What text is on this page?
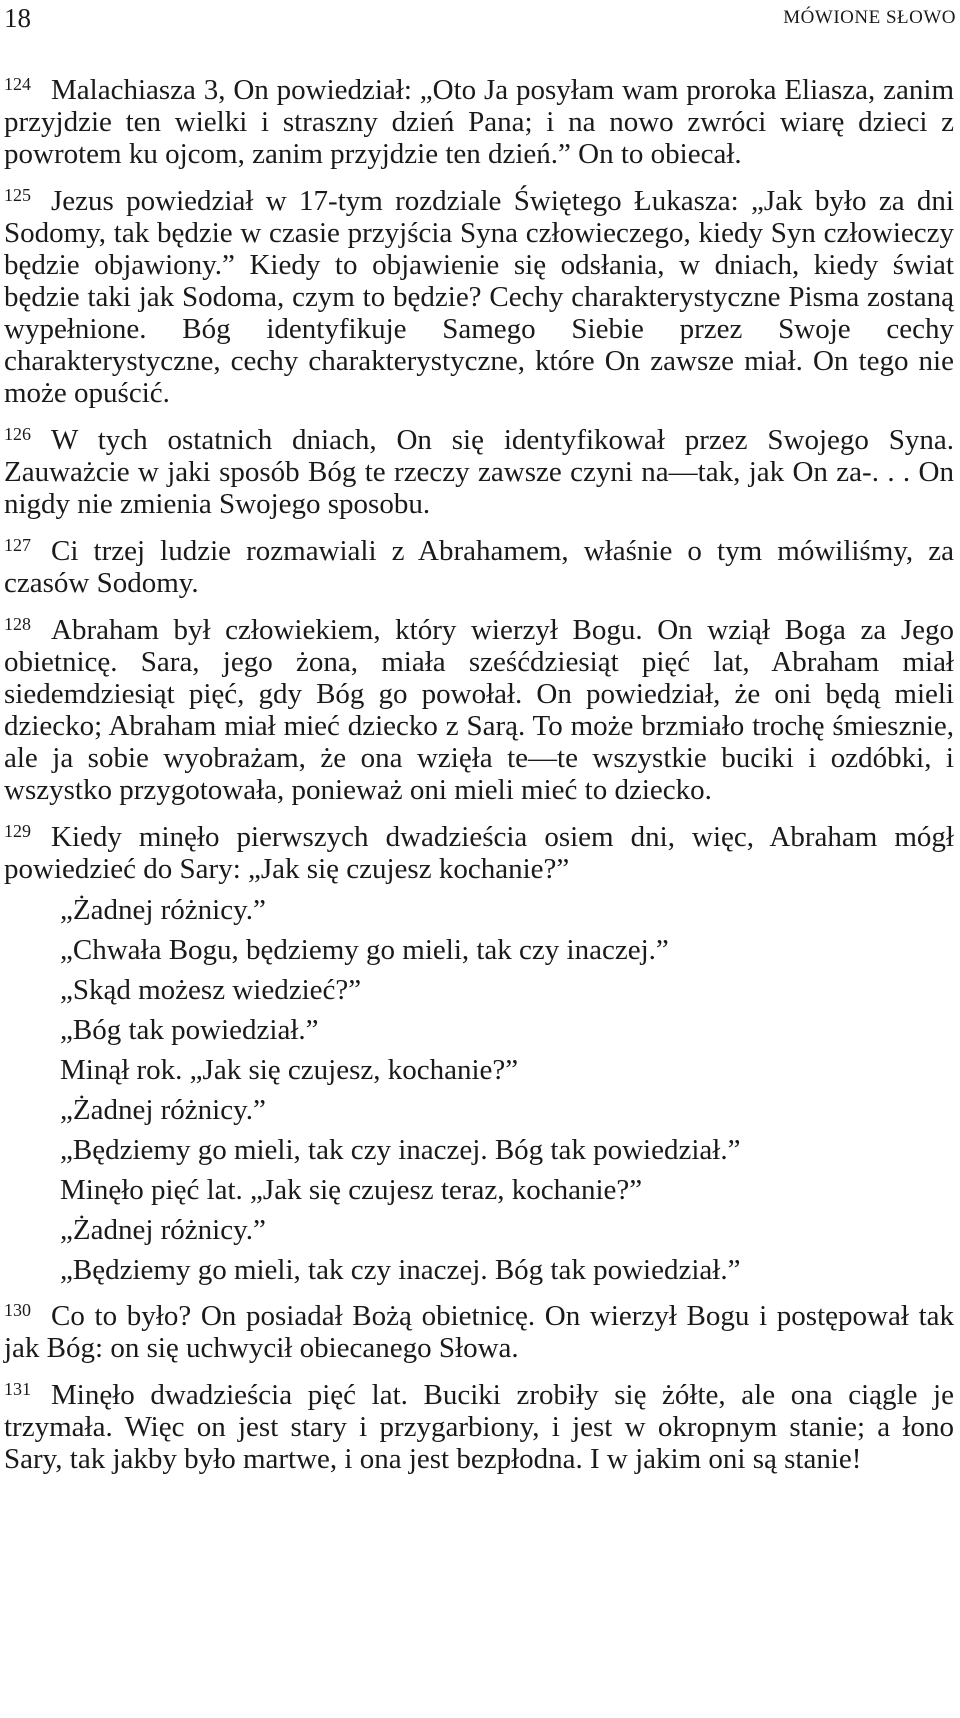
18	MÓWIONE SŁOWO

$^{124}$ Malachiasza 3, On powiedział: „Oto Ja posyłam wam proroka Eliasza, zanim przyjdzie ten wielki i straszny dzień Pana; i na nowo zwróci wiarę dzieci z powrotem ku ojcom, zanim przyjdzie ten dzień.” On to obiecał.

$^{125}$ Jezus powiedział w 17-tym rozdziale Świętego Łukasza: „Jak było za dni Sodomy, tak będzie w czasie przyjścia Syna człowieczego, kiedy Syn człowieczy będzie objawiony.” Kiedy to objawienie się odsłania, w dniach, kiedy świat będzie taki jak Sodoma, czym to będzie? Cechy charakterystyczne Pisma zostaną wypełnione. Bóg identyfikuje Samego Siebie przez Swoje cechy charakterystyczne, cechy charakterystyczne, które On zawsze miał. On tego nie może opuścić.

$^{126}$ W tych ostatnich dniach, On się identyfikował przez Swojego Syna. Zauważcie w jaki sposób Bóg te rzeczy zawsze czyni na—tak, jak On za-. . . On nigdy nie zmienia Swojego sposobu.

$^{127}$ Ci trzej ludzie rozmawiali z Abrahamem, właśnie o tym mówiliśmy, za czasów Sodomy.

$^{128}$ Abraham był człowiekiem, który wierzył Bogu. On wziął Boga za Jego obietnicę. Sara, jego żona, miała sześćdziesiąt pięć lat, Abraham miał siedemdziesiąt pięć, gdy Bóg go powołał. On powiedział, że oni będą mieli dziecko; Abraham miał mieć dziecko z Sarą. To może brzmiało trochę śmiesznie, ale ja sobie wyobrażam, że ona wzięła te—te wszystkie buciki i ozdóbki, i wszystko przygotowała, ponieważ oni mieli mieć to dziecko.

$^{129}$ Kiedy minęło pierwszych dwadzieścia osiem dni, więc, Abraham mógł powiedzieć do Sary: „Jak się czujesz kochanie?”

„Żadnej różnicy.”

„Chwała Bogu, będziemy go mieli, tak czy inaczej.”

„Skąd możesz wiedzieć?”

„Bóg tak powiedział.”

Minął rok. „Jak się czujesz, kochanie?”

„Żadnej różnicy.”

„Będziemy go mieli, tak czy inaczej. Bóg tak powiedział.”

Minęło pięć lat. „Jak się czujesz teraz, kochanie?”

„Żadnej różnicy.”

„Będziemy go mieli, tak czy inaczej. Bóg tak powiedział.”

$^{130}$ Co to było? On posiadał Bożą obietnicę. On wierzył Bogu i postępował tak jak Bóg: on się uchwycił obiecanego Słowa.

$^{131}$ Minęło dwadzieścia pięć lat. Buciki zrobiły się żółte, ale ona ciągle je trzymała. Więc on jest stary i przygarbiony, i jest w okropnym stanie; a łono Sary, tak jakby było martwe, i ona jest bezpłodna. I w jakim oni są stanie!
